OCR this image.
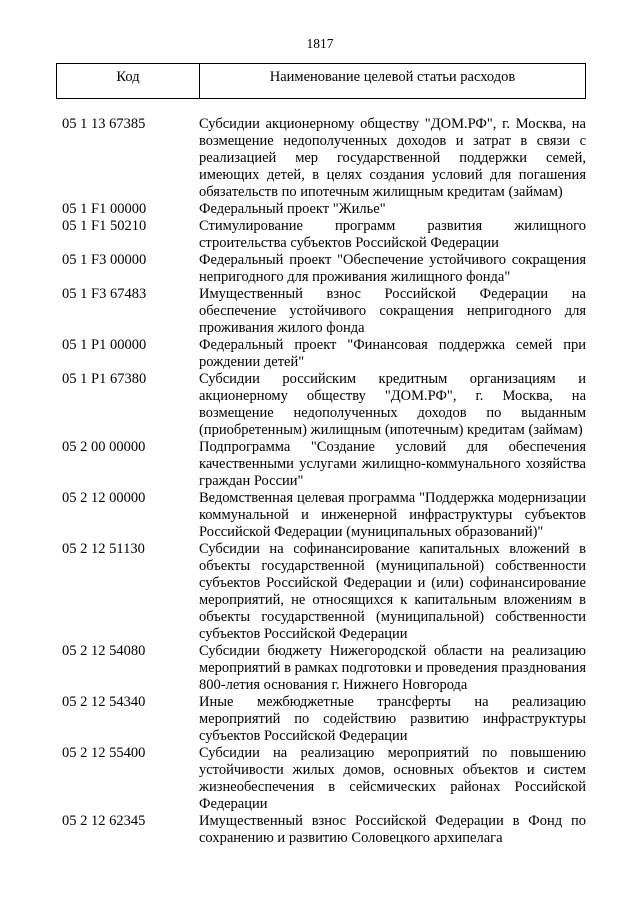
1817
Код	Наименование целевой статьи расходов
05 1 13 67385	Субсидии акционерному обществу "ДОМ.РФ", г. Москва, на возмещение недополученных доходов и затрат в связи с реализацией мер государственной поддержки семей, имеющих детей, в целях создания условий для погашения обязательств по ипотечным жилищным кредитам (займам)
05 1 F1 00000	Федеральный проект "Жилье"
05 1 F1 50210	Стимулирование программ развития жилищного строительства субъектов Российской Федерации
05 1 F3 00000	Федеральный проект "Обеспечение устойчивого сокращения непригодного для проживания жилищного фонда"
05 1 F3 67483	Имущественный взнос Российской Федерации на обеспечение устойчивого сокращения непригодного для проживания жилого фонда
05 1 P1 00000	Федеральный проект "Финансовая поддержка семей при рождении детей"
05 1 P1 67380	Субсидии российским кредитным организациям и акционерному обществу "ДОМ.РФ", г. Москва, на возмещение недополученных доходов по выданным (приобретенным) жилищным (ипотечным) кредитам (займам)
05 2 00 00000	Подпрограмма "Создание условий для обеспечения качественными услугами жилищно-коммунального хозяйства граждан России"
05 2 12 00000	Ведомственная целевая программа "Поддержка модернизации коммунальной и инженерной инфраструктуры субъектов Российской Федерации (муниципальных образований)"
05 2 12 51130	Субсидии на софинансирование капитальных вложений в объекты государственной (муниципальной) собственности субъектов Российской Федерации и (или) софинансирование мероприятий, не относящихся к капитальным вложениям в объекты государственной (муниципальной) собственности субъектов Российской Федерации
05 2 12 54080	Субсидии бюджету Нижегородской области на реализацию мероприятий в рамках подготовки и проведения празднования 800-летия основания г. Нижнего Новгорода
05 2 12 54340	Иные межбюджетные трансферты на реализацию мероприятий по содействию развитию инфраструктуры субъектов Российской Федерации
05 2 12 55400	Субсидии на реализацию мероприятий по повышению устойчивости жилых домов, основных объектов и систем жизнеобеспечения в сейсмических районах Российской Федерации
05 2 12 62345	Имущественный взнос Российской Федерации в Фонд по сохранению и развитию Соловецкого архипелага
